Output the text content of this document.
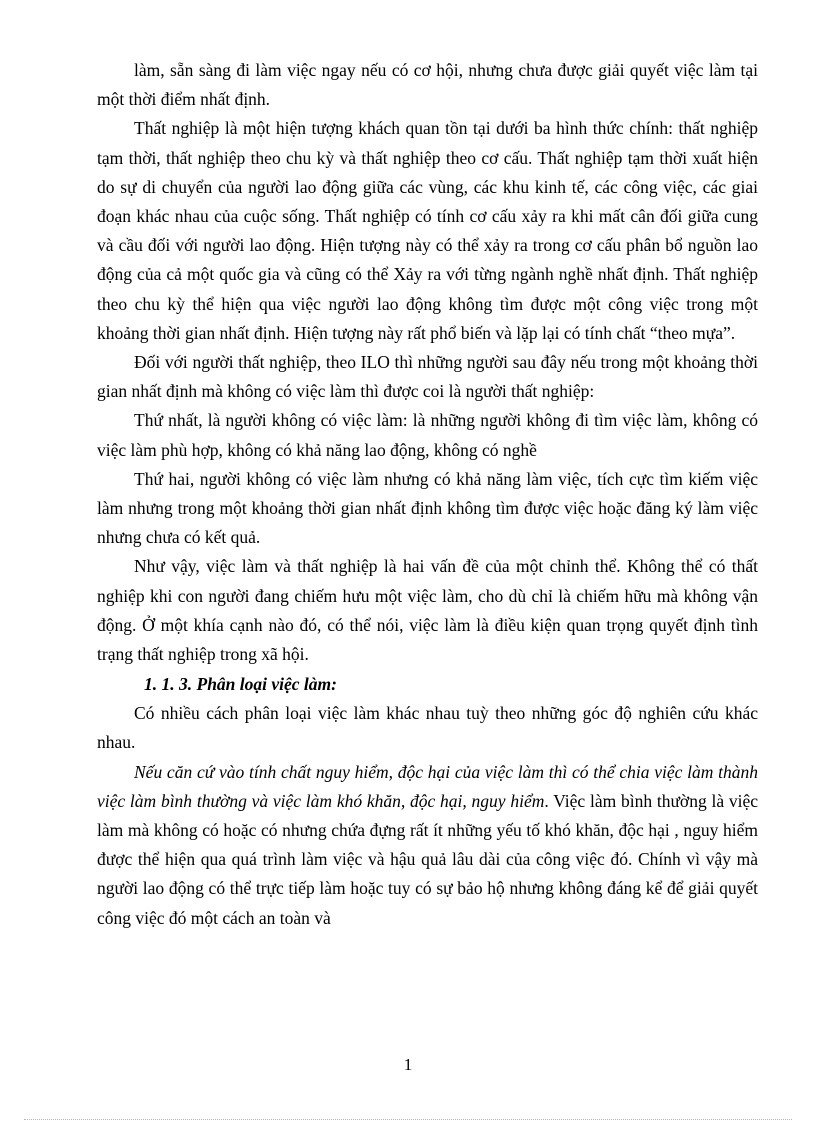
làm, sẵn sàng đi làm việc ngay nếu có cơ hội, nhưng chưa được giải quyết việc làm tại một thời điểm nhất định.

Thất nghiệp là một hiện tượng khách quan tồn tại dưới ba hình thức chính: thất nghiệp tạm thời, thất nghiệp theo chu kỳ và thất nghiệp theo cơ cấu. Thất nghiệp tạm thời xuất hiện do sự di chuyển của người lao động giữa các vùng, các khu kinh tế, các công việc, các giai đoạn khác nhau của cuộc sống. Thất nghiệp có tính cơ cấu xảy ra khi mất cân đối giữa cung và cầu đối với người lao động. Hiện tượng này có thể xảy ra trong cơ cấu phân bổ nguồn lao động của cả một quốc gia và cũng có thể Xảy ra với từng ngành nghề nhất định. Thất nghiệp theo chu kỳ thể hiện qua việc người lao động không tìm được một công việc trong một khoảng thời gian nhất định. Hiện tượng này rất phổ biến và lặp lại có tính chất “theo mựa”.

Đối với người thất nghiệp, theo ILO thì những người sau đây nếu trong một khoảng thời gian nhất định mà không có việc làm thì được coi là người thất nghiệp:

Thứ nhất, là người không có việc làm: là những người không đi tìm việc làm, không có việc làm phù hợp, không có khả năng lao động, không có nghề

Thứ hai, người không có việc làm nhưng có khả năng làm việc, tích cực tìm kiếm việc làm nhưng trong một khoảng thời gian nhất định không tìm được việc hoặc đăng ký làm việc nhưng chưa có kết quả.

Như vậy, việc làm và thất nghiệp là hai vấn đề của một chỉnh thể. Không thể có thất nghiệp khi con người đang chiếm hưu một việc làm, cho dù chỉ là chiếm hữu mà không vận động. Ở một khía cạnh nào đó, có thể nói, việc làm là điều kiện quan trọng quyết định tình trạng thất nghiệp trong xã hội.

1. 1. 3. Phân loại việc làm:

Có nhiều cách phân loại việc làm khác nhau tuỳ theo những góc độ nghiên cứu khác nhau.

Nếu căn cứ vào tính chất nguy hiểm, độc hại của việc làm thì có thể chia việc làm thành việc làm bình thường và việc làm khó khăn, độc hại, nguy hiểm. Việc làm bình thường là việc làm mà không có hoặc có nhưng chứa đựng rất ít những yếu tố khó khăn, độc hại , nguy hiểm được thể hiện qua quá trình làm việc và hậu quả lâu dài của công việc đó. Chính vì vậy mà người lao động có thể trực tiếp làm hoặc tuy có sự bảo hộ nhưng không đáng kể để giải quyết công việc đó một cách an toàn và

1
